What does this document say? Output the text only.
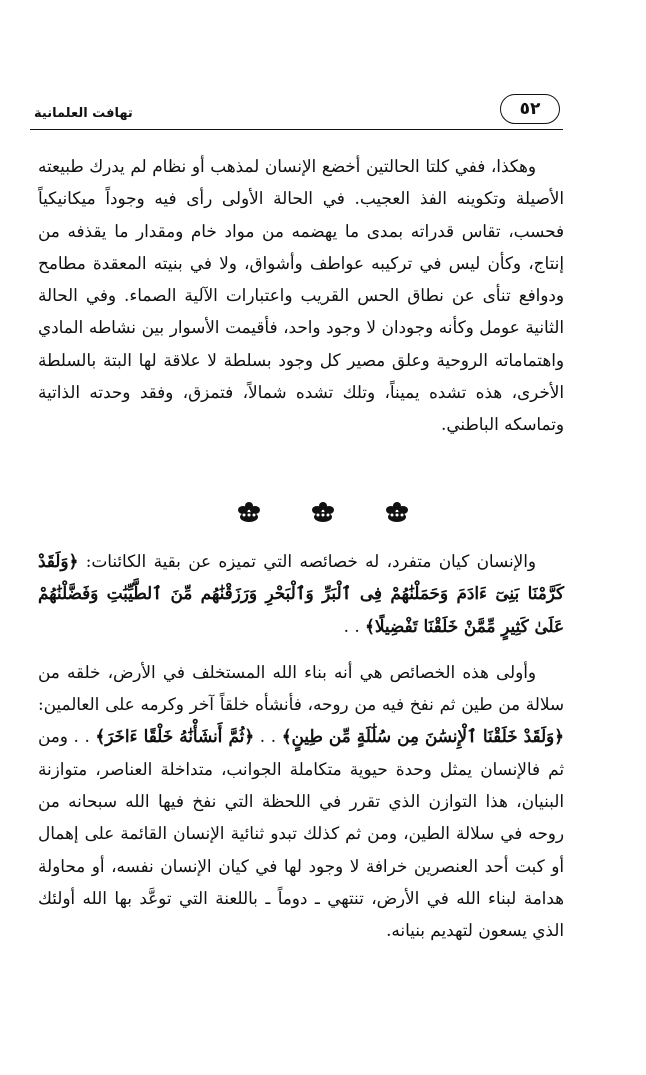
تهافت العلمانية	٥٢

وهكذا، ففي كلتا الحالتين أخضع الإنسان لمذهب أو نظام لم يدرك طبيعته الأصيلة وتكوينه الفذ العجيب. في الحالة الأولى رأى فيه وجوداً ميكانيكياً فحسب، تقاس قدراته بمدى ما يهضمه من مواد خام ومقدار ما يقذفه من إنتاج، وكأن ليس في تركيبه عواطف وأشواق، ولا في بنيته المعقدة مطامح ودوافع تنأى عن نطاق الحس القريب واعتبارات الآلية الصماء. وفي الحالة الثانية عومل وكأنه وجودان لا وجود واحد، فأقيمت الأسوار بين نشاطه المادي واهتماماته الروحية وعلق مصير كل وجود بسلطة لا علاقة لها البتة بالسلطة الأخرى، هذه تشده يميناً، وتلك تشده شمالاً، فتمزق، وفقد وحدته الذاتية وتماسكه الباطني.

والإنسان كيان متفرد، له خصائصه التي تميزه عن بقية الكائنات: ﴿وَلَقَدْ كَرَّمْنَا بَنِىٓ ءَادَمَ وَحَمَلْنَٰهُمْ فِى ٱلْبَرِّ وَٱلْبَحْرِ وَرَزَقْنَٰهُم مِّنَ ٱلطَّيِّبَٰتِ وَفَضَّلْنَٰهُمْ عَلَىٰ كَثِيرٍ مِّمَّنْ خَلَقْنَا تَفْضِيلًا﴾ . .

وأولى هذه الخصائص هي أنه بناء الله المستخلف في الأرض، خلقه من سلالة من طين ثم نفخ فيه من روحه، فأنشأه خلقاً آخر وكرمه على العالمين: ﴿وَلَقَدْ خَلَقْنَا ٱلْإِنسَٰنَ مِن سُلَٰلَةٍ مِّن طِينٍ﴾ . . ﴿ثُمَّ أَنشَأْنَٰهُ خَلْقًا ءَاخَرَ﴾ . . ومن ثم فالإنسان يمثل وحدة حيوية متكاملة الجوانب، متداخلة العناصر، متوازنة البنيان، هذا التوازن الذي تقرر في اللحظة التي نفخ فيها الله سبحانه من روحه في سلالة الطين، ومن ثم كذلك تبدو ثنائية الإنسان القائمة على إهمال أو كبت أحد العنصرين خرافة لا وجود لها في كيان الإنسان نفسه، أو محاولة هدامة لبناء الله في الأرض، تنتهي ـ دوماً ـ باللعنة التي توعَّد بها الله أولئك الذي يسعون لتهديم بنيانه.
